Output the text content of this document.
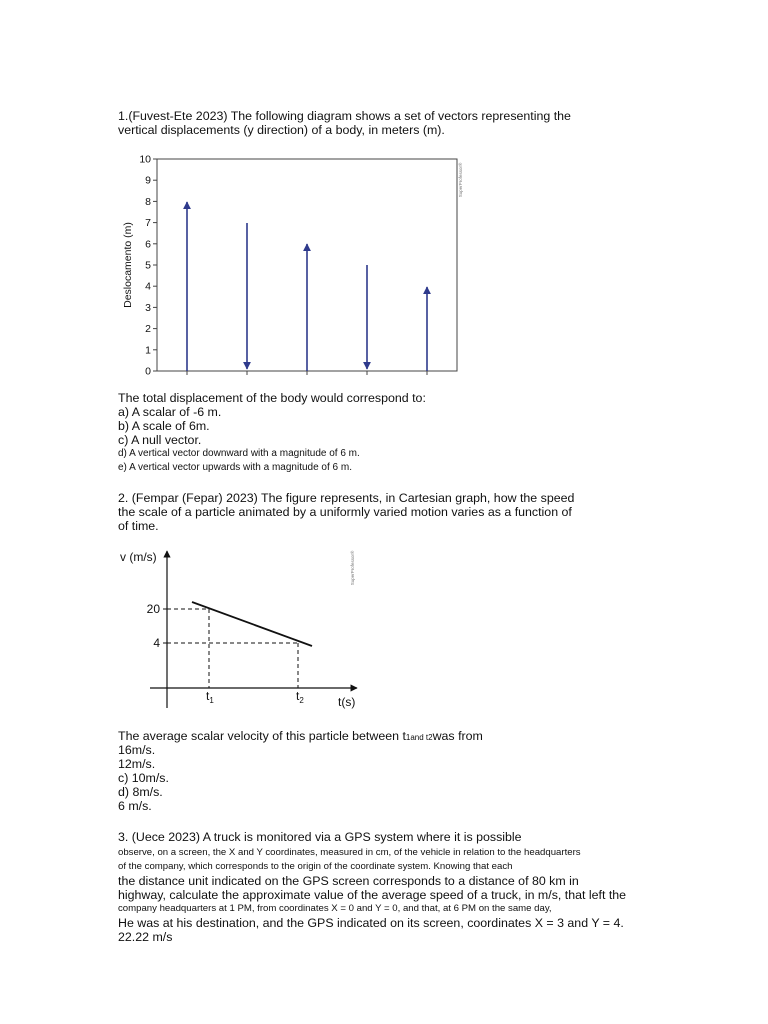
1.(Fuvest-Ete 2023) The following diagram shows a set of vectors representing the
vertical displacements (y direction) of a body, in meters (m).
0
1
2
3
4
5
6
7
8
9
10
Deslocamento (m)
SuperProfessor®
The total displacement of the body would correspond to:
a) A scalar of -6 m.
b) A scale of 6m.
c) A null vector.
d) A vertical vector downward with a magnitude of 6 m.
e) A vertical vector upwards with a magnitude of 6 m.
2. (Fempar (Fepar) 2023) The figure represents, in Cartesian graph, how the speed
the scale of a particle animated by a uniformly varied motion varies as a function of
of time.
v (m/s)
20
4
$t_1$	$t_2$	t(s)
SuperProfessor®
The average scalar velocity of this particle between t1and t2was from
16m/s.
12m/s.
c) 10m/s.
d) 8m/s.
6 m/s.
3. (Uece 2023) A truck is monitored via a GPS system where it is possible
observe, on a screen, the X and Y coordinates, measured in cm, of the vehicle in relation to the headquarters
of the company, which corresponds to the origin of the coordinate system. Knowing that each
the distance unit indicated on the GPS screen corresponds to a distance of 80 km in
highway, calculate the approximate value of the average speed of a truck, in m/s, that left the
company headquarters at 1 PM, from coordinates X = 0 and Y = 0, and that, at 6 PM on the same day,
He was at his destination, and the GPS indicated on its screen, coordinates X = 3 and Y = 4.
22.22 m/s
